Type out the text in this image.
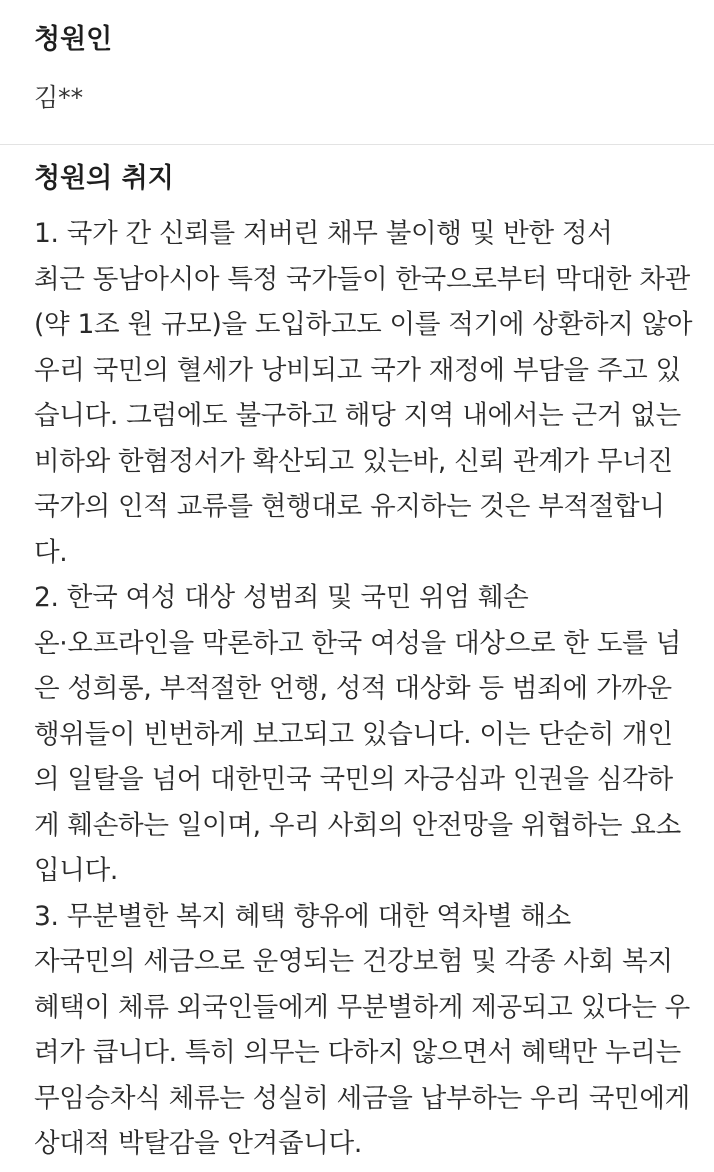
청원인
김**
청원의 취지
1. 국가 간 신뢰를 저버린 채무 불이행 및 반한 정서
최근 동남아시아 특정 국가들이 한국으로부터 막대한 차관
(약 1조 원 규모)을 도입하고도 이를 적기에 상환하지 않아
우리 국민의 혈세가 낭비되고 국가 재정에 부담을 주고 있
습니다. 그럼에도 불구하고 해당 지역 내에서는 근거 없는
비하와 한혐정서가 확산되고 있는바, 신뢰 관계가 무너진
국가의 인적 교류를 현행대로 유지하는 것은 부적절합니
다.
2. 한국 여성 대상 성범죄 및 국민 위엄 훼손
온·오프라인을 막론하고 한국 여성을 대상으로 한 도를 넘
은 성희롱, 부적절한 언행, 성적 대상화 등 범죄에 가까운
행위들이 빈번하게 보고되고 있습니다. 이는 단순히 개인
의 일탈을 넘어 대한민국 국민의 자긍심과 인권을 심각하
게 훼손하는 일이며, 우리 사회의 안전망을 위협하는 요소
입니다.
3. 무분별한 복지 혜택 향유에 대한 역차별 해소
자국민의 세금으로 운영되는 건강보험 및 각종 사회 복지
혜택이 체류 외국인들에게 무분별하게 제공되고 있다는 우
려가 큽니다. 특히 의무는 다하지 않으면서 혜택만 누리는
무임승차식 체류는 성실히 세금을 납부하는 우리 국민에게
상대적 박탈감을 안겨줍니다.
